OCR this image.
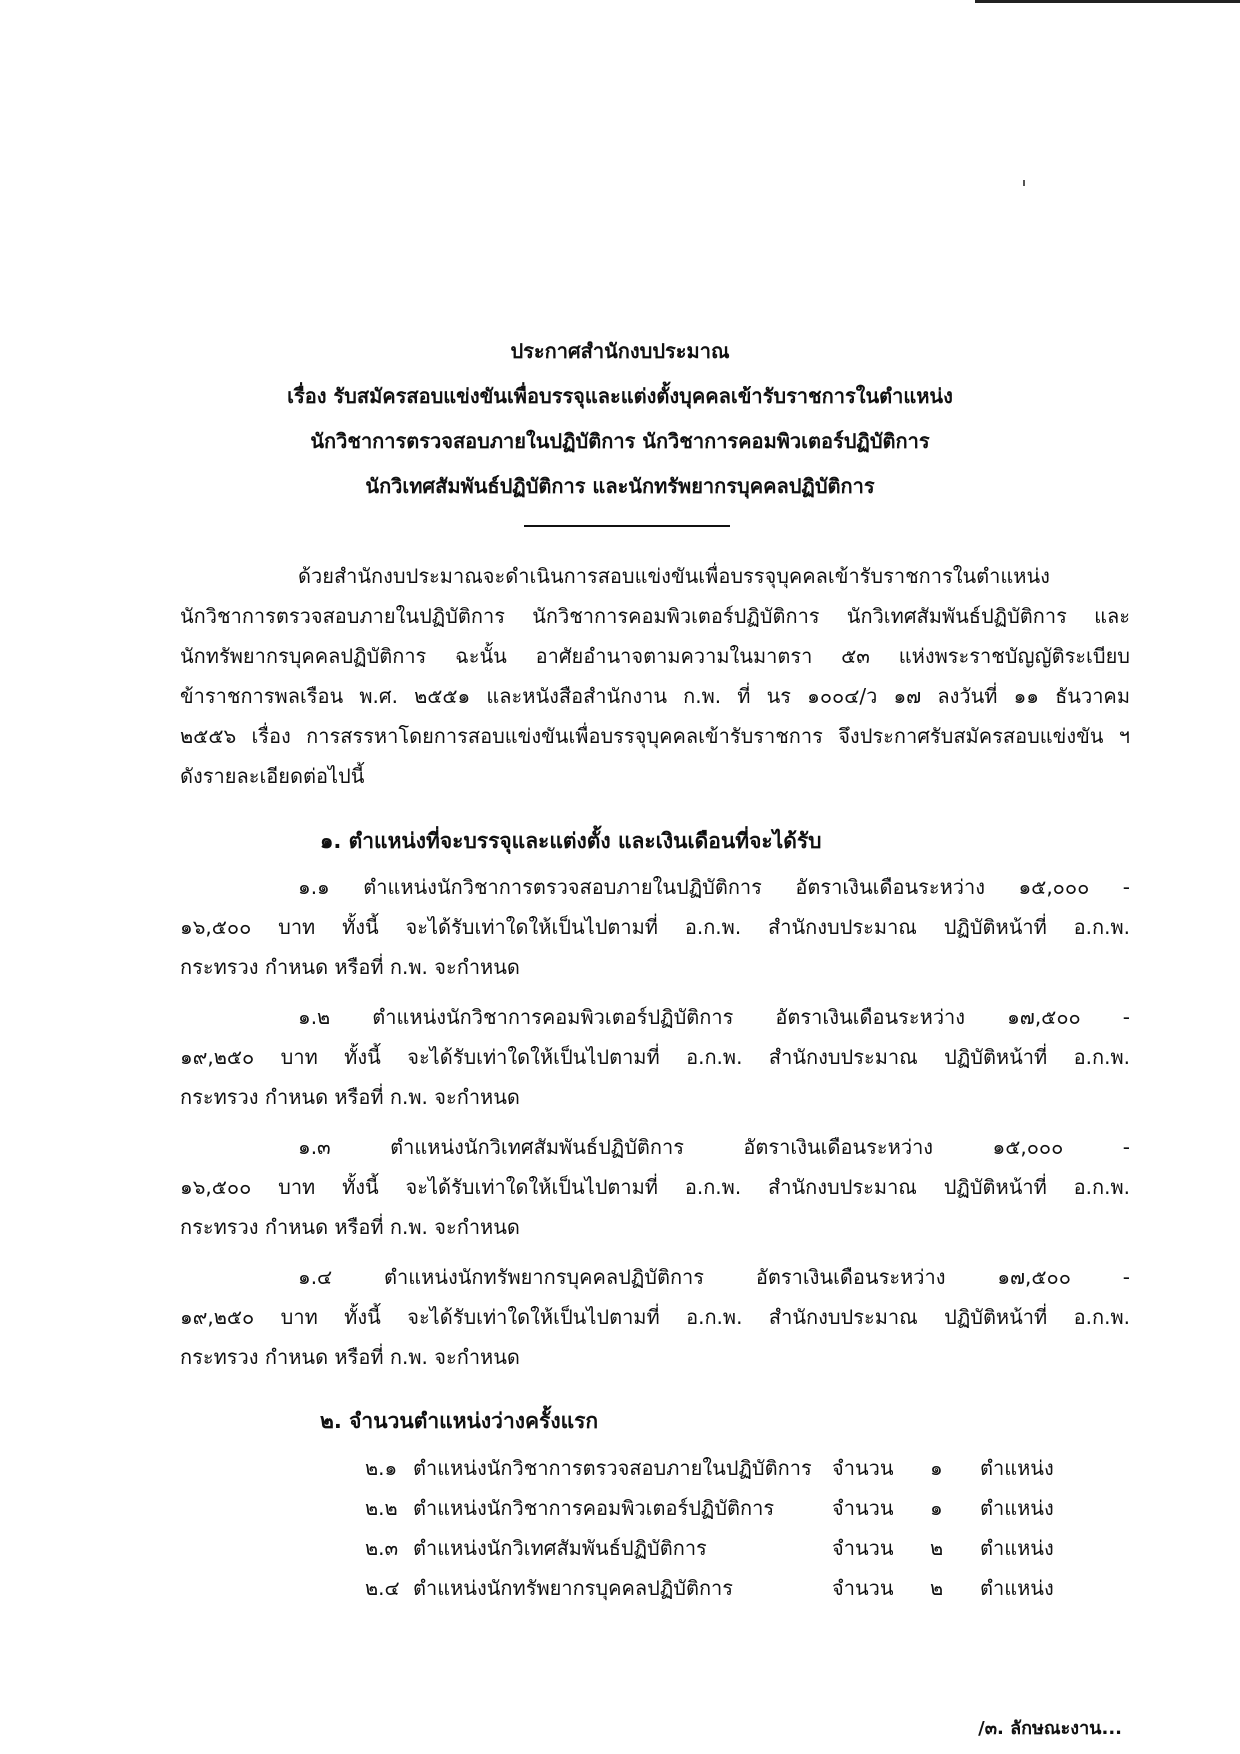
ประกาศสำนักงบประมาณ
เรื่อง รับสมัครสอบแข่งขันเพื่อบรรจุและแต่งตั้งบุคคลเข้ารับราชการในตำแหน่ง
นักวิชาการตรวจสอบภายในปฏิบัติการ นักวิชาการคอมพิวเตอร์ปฏิบัติการ
นักวิเทศสัมพันธ์ปฏิบัติการ และนักทรัพยากรบุคคลปฏิบัติการ
ด้วยสำนักงบประมาณจะดำเนินการสอบแข่งขันเพื่อบรรจุบุคคลเข้ารับราชการในตำแหน่ง
นักวิชาการตรวจสอบภายในปฏิบัติการ นักวิชาการคอมพิวเตอร์ปฏิบัติการ นักวิเทศสัมพันธ์ปฏิบัติการ และ
นักทรัพยากรบุคคลปฏิบัติการ ฉะนั้น อาศัยอำนาจตามความในมาตรา ๕๓ แห่งพระราชบัญญัติระเบียบ
ข้าราชการพลเรือน พ.ศ. ๒๕๕๑ และหนังสือสำนักงาน ก.พ. ที่ นร ๑๐๐๔/ว ๑๗ ลงวันที่ ๑๑ ธันวาคม
๒๕๕๖ เรื่อง การสรรหาโดยการสอบแข่งขันเพื่อบรรจุบุคคลเข้ารับราชการ จึงประกาศรับสมัครสอบแข่งขัน ฯ
ดังรายละเอียดต่อไปนี้
๑. ตำแหน่งที่จะบรรจุและแต่งตั้ง และเงินเดือนที่จะได้รับ
๑.๑ ตำแหน่งนักวิชาการตรวจสอบภายในปฏิบัติการ อัตราเงินเดือนระหว่าง ๑๕,๐๐๐ -
๑๖,๕๐๐ บาท ทั้งนี้ จะได้รับเท่าใดให้เป็นไปตามที่ อ.ก.พ. สำนักงบประมาณ ปฏิบัติหน้าที่ อ.ก.พ.
กระทรวง กำหนด หรือที่ ก.พ. จะกำหนด
๑.๒ ตำแหน่งนักวิชาการคอมพิวเตอร์ปฏิบัติการ อัตราเงินเดือนระหว่าง ๑๗,๕๐๐ -
๑๙,๒๕๐ บาท ทั้งนี้ จะได้รับเท่าใดให้เป็นไปตามที่ อ.ก.พ. สำนักงบประมาณ ปฏิบัติหน้าที่ อ.ก.พ.
กระทรวง กำหนด หรือที่ ก.พ. จะกำหนด
๑.๓ ตำแหน่งนักวิเทศสัมพันธ์ปฏิบัติการ อัตราเงินเดือนระหว่าง ๑๕,๐๐๐ -
๑๖,๕๐๐ บาท ทั้งนี้ จะได้รับเท่าใดให้เป็นไปตามที่ อ.ก.พ. สำนักงบประมาณ ปฏิบัติหน้าที่ อ.ก.พ.
กระทรวง กำหนด หรือที่ ก.พ. จะกำหนด
๑.๔ ตำแหน่งนักทรัพยากรบุคคลปฏิบัติการ อัตราเงินเดือนระหว่าง ๑๗,๕๐๐ -
๑๙,๒๕๐ บาท ทั้งนี้ จะได้รับเท่าใดให้เป็นไปตามที่ อ.ก.พ. สำนักงบประมาณ ปฏิบัติหน้าที่ อ.ก.พ.
กระทรวง กำหนด หรือที่ ก.พ. จะกำหนด
๒. จำนวนตำแหน่งว่างครั้งแรก
๒.๑ ตำแหน่งนักวิชาการตรวจสอบภายในปฏิบัติการ จำนวน ๑ ตำแหน่ง
๒.๒ ตำแหน่งนักวิชาการคอมพิวเตอร์ปฏิบัติการ	จำนวน ๑ ตำแหน่ง
๒.๓ ตำแหน่งนักวิเทศสัมพันธ์ปฏิบัติการ	จำนวน ๒ ตำแหน่ง
๒.๔ ตำแหน่งนักทรัพยากรบุคคลปฏิบัติการ	จำนวน ๒ ตำแหน่ง
/๓. ลักษณะงาน...
